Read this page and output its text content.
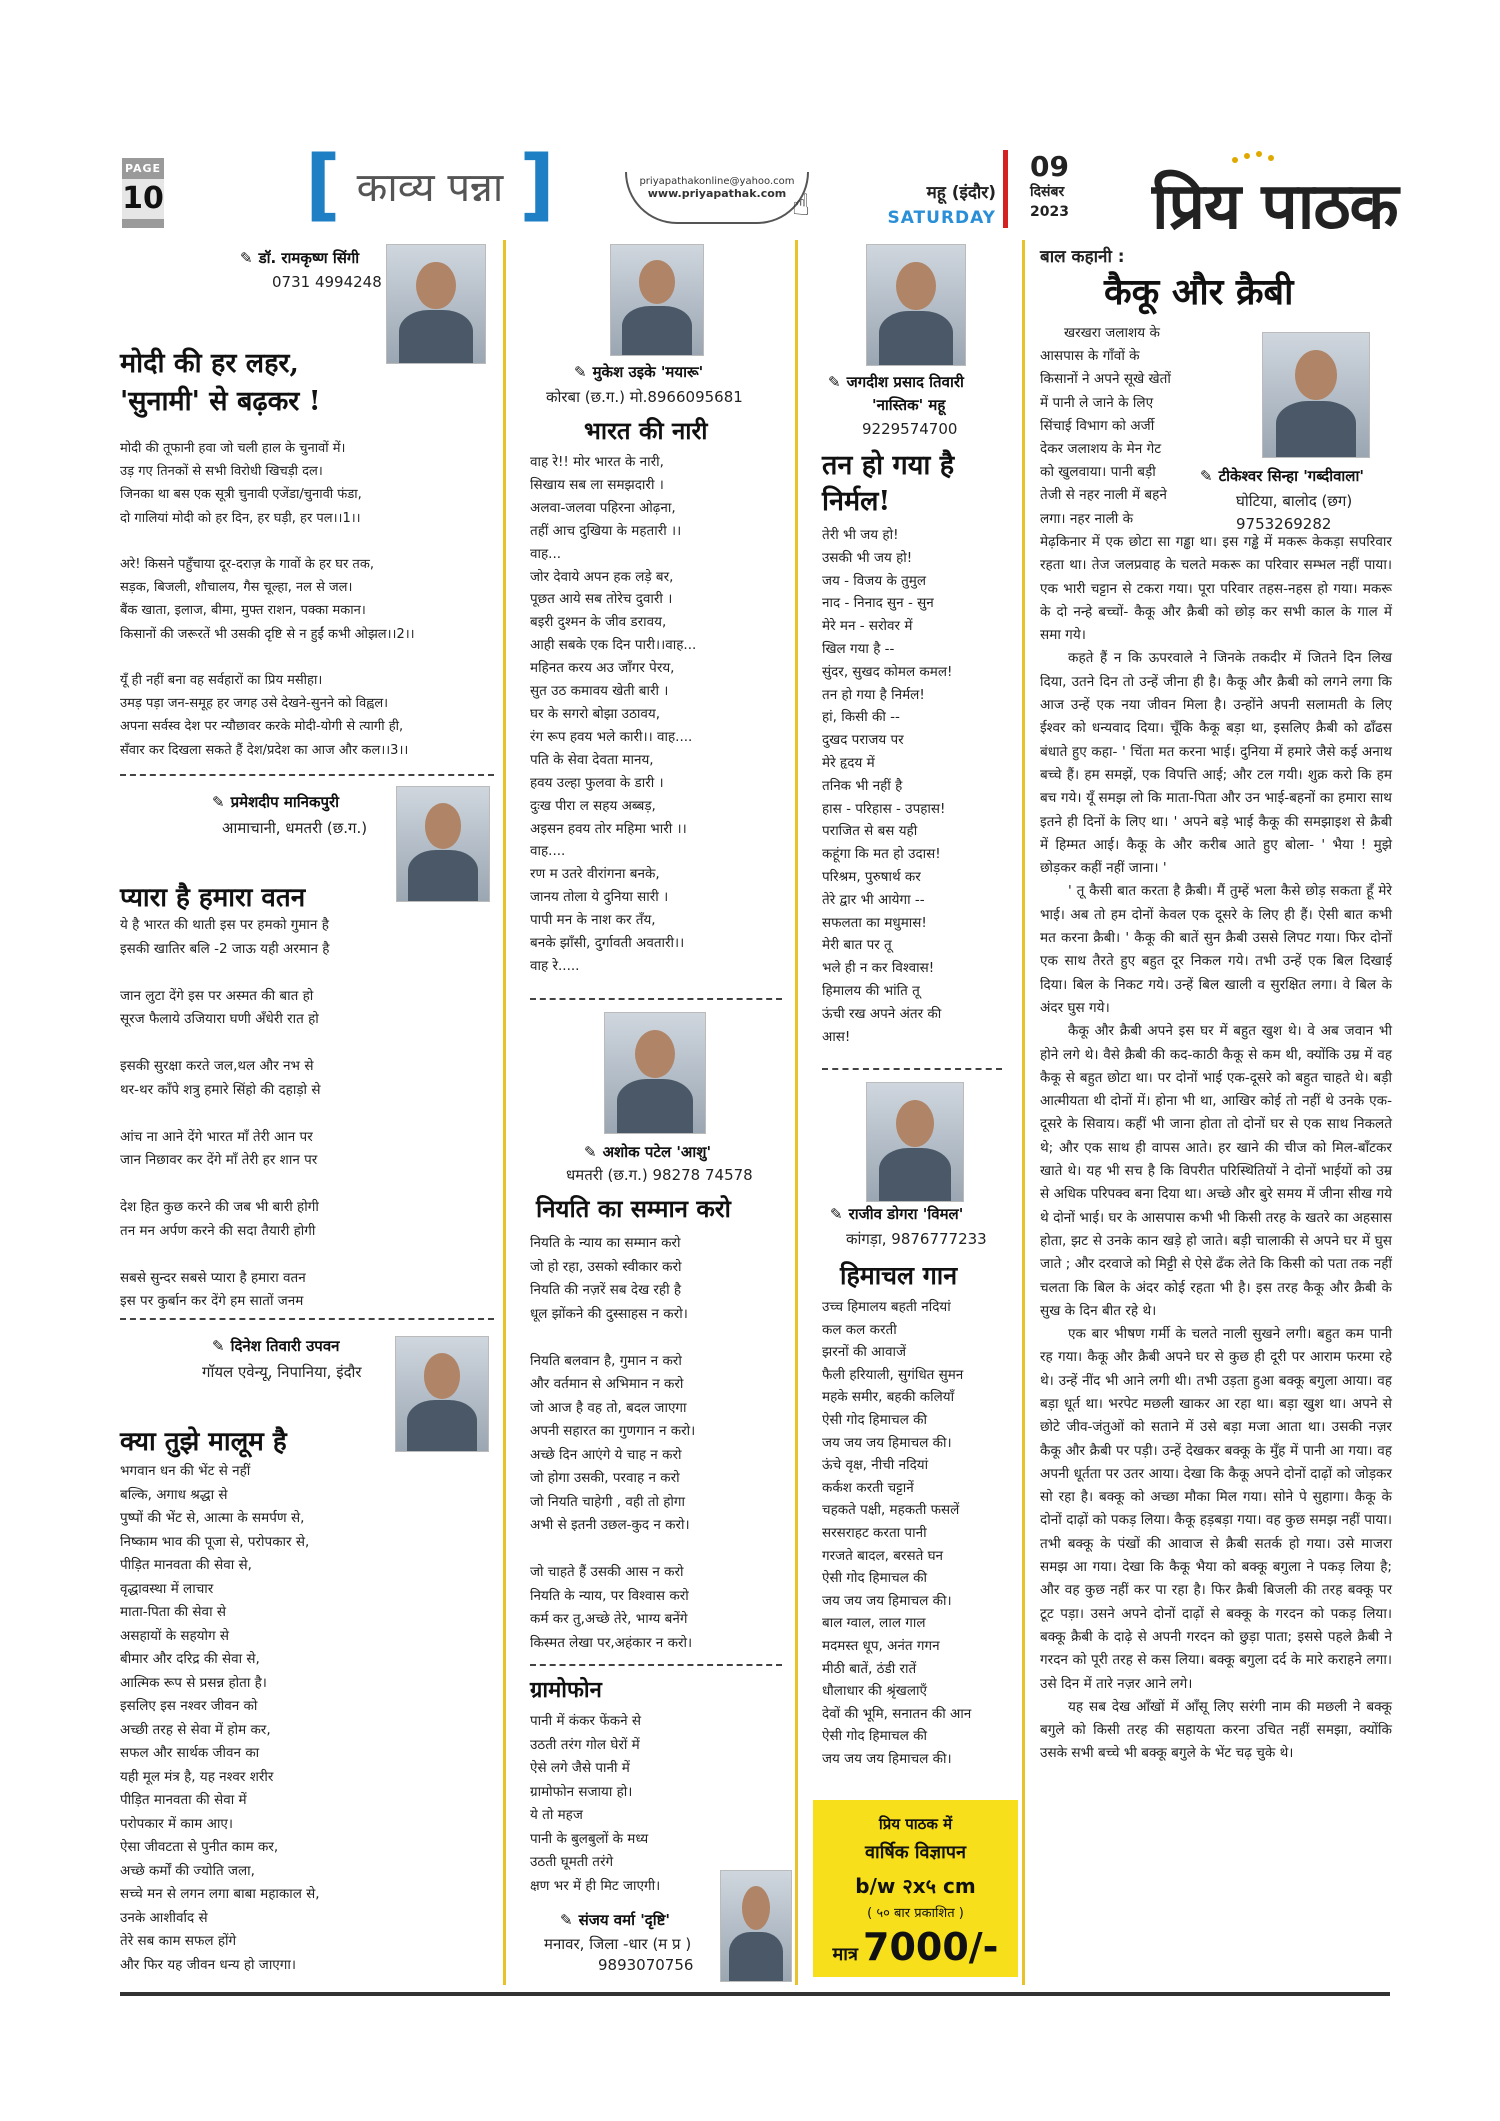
PAGE
10 [ काव्य पन्ना ]	priyapathakonline@yahoo.com
www.priyapathak.com ☝	महू (इंदौर)
SATURDAY
09
दिसंबर
2023 प्रिय पाठक
✎ डॉ. रामकृष्ण सिंगी
0731 4994248
मोदी की हर लहर,
'सुनामी' से बढ़कर !
मोदी की तूफानी हवा जो चली हाल के चुनावों में।
उड़ गए तिनकों से सभी विरोधी खिचड़ी दल।
जिनका था बस एक सूत्री चुनावी एजेंडा/चुनावी फंडा,
दो गालियां मोदी को हर दिन, हर घड़ी, हर पल।।1।।

अरे! किसने पहुँचाया दूर-दराज़ के गावों के हर घर तक,
सड़क, बिजली, शौचालय, गैस चूल्हा, नल से जल।
बैंक खाता, इलाज, बीमा, मुफ्त राशन, पक्का मकान।
किसानों की जरूरतें भी उसकी दृष्टि से न हुईं कभी ओझल।।2।।

यूँ ही नहीं बना वह सर्वहारों का प्रिय मसीहा।
उमड़ पड़ा जन-समूह हर जगह उसे देखने-सुनने को विह्वल।
अपना सर्वस्व देश पर न्यौछावर करके मोदी-योगी से त्यागी ही,
सँवार कर दिखला सकते हैं देश/प्रदेश का आज और कल।।3।।
✎ प्रमेशदीप मानिकपुरी
आमाचानी, धमतरी (छ.ग.)
प्यारा है हमारा वतन
ये है भारत की थाती इस पर हमको गुमान है
इसकी खातिर बलि -2 जाऊ यही अरमान है

जान लुटा देंगे इस पर अस्मत की बात हो
सूरज फैलाये उजियारा घणी अँधेरी रात हो

इसकी सुरक्षा करते जल,थल और नभ से
थर-थर काँपे शत्रु हमारे सिंहो की दहाड़ो से

आंच ना आने देंगे भारत माँ तेरी आन पर
जान निछावर कर देंगे माँ तेरी हर शान पर

देश हित कुछ करने की जब भी बारी होगी
तन मन अर्पण करने की सदा तैयारी होगी

सबसे सुन्दर सबसे प्यारा है हमारा वतन
इस पर कुर्बान कर देंगे हम सातों जनम
✎ दिनेश तिवारी उपवन
गॉयल एवेन्यू, निपानिया, इंदौर
क्या तुझे मालूम है
भगवान धन की भेंट से नहीं
बल्कि, अगाध श्रद्धा से
पुष्पों की भेंट से, आत्मा के समर्पण से,
निष्काम भाव की पूजा से, परोपकार से,
पीड़ित मानवता की सेवा से,
वृद्धावस्था में लाचार
माता-पिता की सेवा से
असहायों के सहयोग से
बीमार और दरिद्र की सेवा से,
आत्मिक रूप से प्रसन्न होता है।
इसलिए इस नश्वर जीवन को
अच्छी तरह से सेवा में होम कर,
सफल और सार्थक जीवन का
यही मूल मंत्र है, यह नश्वर शरीर
पीड़ित मानवता की सेवा में
परोपकार में काम आए।
ऐसा जीवटता से पुनीत काम कर,
अच्छे कर्मों की ज्योति जला,
सच्चे मन से लगन लगा बाबा महाकाल से,
उनके आशीर्वाद से
तेरे सब काम सफल होंगे
और फिर यह जीवन धन्य हो जाएगा।
✎ मुकेश उइके 'मयारू'
कोरबा (छ.ग.) मो.8966095681
भारत की नारी
वाह रे!! मोर भारत के नारी,
सिखाय सब ला समझदारी ।
अलवा-जलवा पहिरना ओढ़ना,
तहीं आच दुखिया के महतारी ।।
वाह...
जोर देवाये अपन हक लड़े बर,
पूछत आये सब तोरेच दुवारी ।
बइरी दुश्मन के जीव डरावय,
आही सबके एक दिन पारी।।वाह...
महिनत करय अउ जाँगर पेरय,
सुत उठ कमावय खेती बारी ।
घर के सगरो बोझा उठावय,
रंग रूप हवय भले कारी।। वाह....
पति के सेवा देवता मानय,
हवय उल्हा फुलवा के डारी ।
दुःख पीरा ल सहय अब्बड़,
अइसन हवय तोर महिमा भारी ।।
वाह....
रण म उतरे वीरांगना बनके,
जानय तोला ये दुनिया सारी ।
पापी मन के नाश कर तँय,
बनके झाँसी, दुर्गावती अवतारी।।
वाह रे.....
✎ अशोक पटेल 'आशु'
धमतरी (छ.ग.) 98278 74578
नियति का सम्मान करो
नियति के न्याय का सम्मान करो
जो हो रहा, उसको स्वीकार करो
नियति की नज़रें सब देख रही है
धूल झोंकने की दुस्साहस न करो।

नियति बलवान है, गुमान न करो
और वर्तमान से अभिमान न करो
जो आज है वह तो, बदल जाएगा
अपनी सहारत का गुणगान न करो।
अच्छे दिन आएंगे ये चाह न करो
जो होगा उसकी, परवाह न करो
जो नियति चाहेगी , वही तो होगा
अभी से इतनी उछल-कुद न करो।

जो चाहते हैं उसकी आस न करो
नियति के न्याय, पर विश्वास करो
कर्म कर तु,अच्छे तेरे, भाग्य बनेंगे
किस्मत लेखा पर,अहंकार न करो।
ग्रामोफोन
पानी में कंकर फेंकने से
उठती तरंग गोल घेरों में
ऐसे लगे जैसे पानी में
ग्रामोफोन सजाया हो।
ये तो महज
पानी के बुलबुलों के मध्य
उठती घूमती तरंगे
क्षण भर में ही मिट जाएगी।
✎ संजय वर्मा 'दृष्टि'
मनावर, जिला -धार (म प्र )
9893070756
✎ जगदीश प्रसाद तिवारी
'नास्तिक' महू
9229574700
तन हो गया है
निर्मल!
तेरी भी जय हो!
उसकी भी जय हो!
जय - विजय के तुमुल
नाद - निनाद सुन - सुन
मेरे मन - सरोवर में
खिल गया है --
सुंदर, सुखद कोमल कमल!
तन हो गया है निर्मल!
हां, किसी की --
दुखद पराजय पर
मेरे हृदय में
तनिक भी नहीं है
हास - परिहास - उपहास!
पराजित से बस यही
कहूंगा कि मत हो उदास!
परिश्रम, पुरुषार्थ कर
तेरे द्वार भी आयेगा --
सफलता का मधुमास!
मेरी बात पर तू
भले ही न कर विश्वास!
हिमालय की भांति तू
ऊंची रख अपने अंतर की
आस!
✎ राजीव डोगरा 'विमल'
कांगड़ा, 9876777233
हिमाचल गान
उच्च हिमालय बहती नदियां
कल कल करती
झरनों की आवाजें
फैली हरियाली, सुगंधित सुमन
महके समीर, बहकी कलियाँ
ऐसी गोद हिमाचल की
जय जय जय हिमाचल की।
ऊंचे वृक्ष, नीची नदियां
कर्कश करती चट्टानें
चहकते पक्षी, महकती फसलें
सरसराहट करता पानी
गरजते बादल, बरसते घन
ऐसी गोद हिमाचल की
जय जय जय हिमाचल की।
बाल ग्वाल, लाल गाल
मदमस्त धूप, अनंत गगन
मीठी बातें, ठंडी रातें
धौलाधार की श्रृंखलाएँ
देवों की भूमि, सनातन की आन
ऐसी गोद हिमाचल की
जय जय जय हिमाचल की।
प्रिय पाठक में
वार्षिक विज्ञापन
b/w २x५ cm
( ५० बार प्रकाशित )
मात्र 7000/-
बाल कहानी :
कैकू और क्रैबी
खरखरा जलाशय के
आसपास के गाँवों के
किसानों ने अपने सूखे खेतों
में पानी ले जाने के लिए
सिंचाई विभाग को अर्जी
देकर जलाशय के मेन गेट
को खुलवाया। पानी बड़ी
तेजी से नहर नाली में बहने
लगा। नहर नाली के
✎ टीकेश्वर सिन्हा 'गब्दीवाला'
घोटिया, बालोद (छग)
9753269282

मेढ़किनार में एक छोटा सा गड्ढा था। इस गड्ढे में मकरू केकड़ा सपरिवार रहता था। तेज जलप्रवाह के चलते मकरू का परिवार सम्भल नहीं पाया। एक भारी चट्टान से टकरा गया। पूरा परिवार तहस-नहस हो गया। मकरू के दो नन्हे बच्चों- कैकू और क्रैबी को छोड़ कर सभी काल के गाल में समा गये।

कहते हैं न कि ऊपरवाले ने जिनके तकदीर में जितने दिन लिख दिया, उतने दिन तो उन्हें जीना ही है। कैकू और क्रैबी को लगने लगा कि आज उन्हें एक नया जीवन मिला है। उन्होंने अपनी सलामती के लिए ईश्वर को धन्यवाद दिया। चूँकि कैकू बड़ा था, इसलिए क्रैबी को ढाँढस बंधाते हुए कहा- ' चिंता मत करना भाई। दुनिया में हमारे जैसे कई अनाथ बच्चे हैं। हम समझें, एक विपत्ति आई; और टल गयी। शुक्र करो कि हम बच गये। यूँ समझ लो कि माता-पिता और उन भाई-बहनों का हमारा साथ इतने ही दिनों के लिए था। ' अपने बड़े भाई कैकू की समझाइश से क्रैबी में हिम्मत आई। कैकू के और करीब आते हुए बोला- ' भैया ! मुझे छोड़कर कहीं नहीं जाना। '

' तू कैसी बात करता है क्रैबी। मैं तुम्हें भला कैसे छोड़ सकता हूँ मेरे भाई। अब तो हम दोनों केवल एक दूसरे के लिए ही हैं। ऐसी बात कभी मत करना क्रैबी। ' कैकू की बातें सुन क्रैबी उससे लिपट गया। फिर दोनों एक साथ तैरते हुए बहुत दूर निकल गये। तभी उन्हें एक बिल दिखाई दिया। बिल के निकट गये। उन्हें बिल खाली व सुरक्षित लगा। वे बिल के अंदर घुस गये।

कैकू और क्रैबी अपने इस घर में बहुत खुश थे। वे अब जवान भी होने लगे थे। वैसे क्रैबी की कद-काठी कैकू से कम थी, क्योंकि उम्र में वह कैकू से बहुत छोटा था। पर दोनों भाई एक-दूसरे को बहुत चाहते थे। बड़ी आत्मीयता थी दोनों में। होना भी था, आखिर कोई तो नहीं थे उनके एक-दूसरे के सिवाय। कहीं भी जाना होता तो दोनों घर से एक साथ निकलते थे; और एक साथ ही वापस आते। हर खाने की चीज को मिल-बाँटकर खाते थे। यह भी सच है कि विपरीत परिस्थितियों ने दोनों भाईयों को उम्र से अधिक परिपक्व बना दिया था। अच्छे और बुरे समय में जीना सीख गये थे दोनों भाई। घर के आसपास कभी भी किसी तरह के खतरे का अहसास होता, झट से उनके कान खड़े हो जाते। बड़ी चालाकी से अपने घर में घुस जाते ; और दरवाजे को मिट्टी से ऐसे ढँक लेते कि किसी को पता तक नहीं चलता कि बिल के अंदर कोई रहता भी है। इस तरह कैकू और क्रैबी के सुख के दिन बीत रहे थे।

एक बार भीषण गर्मी के चलते नाली सुखने लगी। बहुत कम पानी रह गया। कैकू और क्रैबी अपने घर से कुछ ही दूरी पर आराम फरमा रहे थे। उन्हें नींद भी आने लगी थी। तभी उड़ता हुआ बक्कू बगुला आया। वह बड़ा धूर्त था। भरपेट मछली खाकर आ रहा था। बड़ा खुश था। अपने से छोटे जीव-जंतुओं को सताने में उसे बड़ा मजा आता था। उसकी नज़र कैकू और क्रैबी पर पड़ी। उन्हें देखकर बक्कू के मुँह में पानी आ गया। वह अपनी धूर्तता पर उतर आया। देखा कि कैकू अपने दोनों दाढ़ों को जोड़कर सो रहा है। बक्कू को अच्छा मौका मिल गया। सोने पे सुहागा। कैकू के दोनों दाढ़ों को पकड़ लिया। कैकू हड़बड़ा गया। वह कुछ समझ नहीं पाया। तभी बक्कू के पंखों की आवाज से क्रैबी सतर्क हो गया। उसे माजरा समझ आ गया। देखा कि कैकू भैया को बक्कू बगुला ने पकड़ लिया है; और वह कुछ नहीं कर पा रहा है। फिर क्रैबी बिजली की तरह बक्कू पर टूट पड़ा। उसने अपने दोनों दाढ़ों से बक्कू के गरदन को पकड़ लिया। बक्कू क्रैबी के दाढ़े से अपनी गरदन को छुड़ा पाता; इससे पहले क्रैबी ने गरदन को पूरी तरह से कस लिया। बक्कू बगुला दर्द के मारे कराहने लगा। उसे दिन में तारे नज़र आने लगे।

यह सब देख आँखों में आँसू लिए सरंगी नाम की मछली ने बक्कू बगुले को किसी तरह की सहायता करना उचित नहीं समझा, क्योंकि उसके सभी बच्चे भी बक्कू बगुले के भेंट चढ़ चुके थे।
